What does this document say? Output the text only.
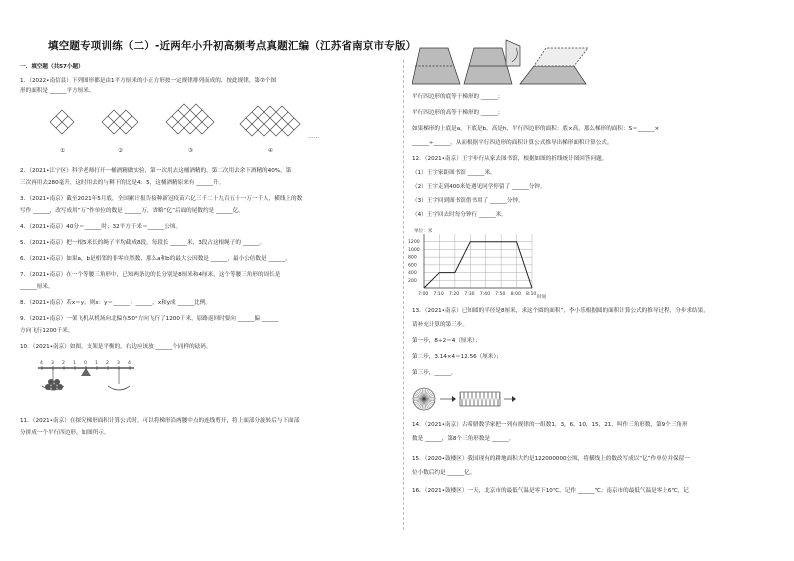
填空题专项训练（二）-近两年小升初高频考点真题汇编（江苏省南京市专版）
一．填空题（共57小题）
1．（2022•南信县）下列图形都是由1平方厘米的小正方形按一定规律排列而成的，按此规律，第⑦个图
形的面积是 ______平方厘米。
①	②	③	④
……
2．（2021•江宁区）科学老师打开一桶酒精做实验，第一次用去这桶酒精的，第二次用去余下酒精的40%，第
三次再用去280毫升，这时用去的与剩下的比是4：5，这桶酒精原来有 ______升。
3．（2021•南京）截至2021年5月底，全国累计报告接种新冠疫苗六亿三千二十九百五十一万一千人，横线上的数
写作 ______，改写成用“万”作单位的数是 ______万，省略“亿”后面的尾数约是 ______亿。
4．（2021•南京）40分＝______时；32平方千米＝______公顷。
5．（2021•南京）把一根5米长的绳子平均截成8段，每段长 ______米，3段占这根绳子的 ______。
6．（2021•南京）如果a，b是相邻的非零自然数，那么a和b的最大公因数是 ______，最小公倍数是 ______。
7．（2021•南京）在一个等腰三角形中，已知两条边的长分别是8厘米和4厘米，这个等腰三角形的周长是
______厘米。
8．（2021•南京）若x＝y，则x：y＝______：______，x和y成 ______比例。
9．（2021•南京）一架飞机从机场向北偏东50°方向飞行了1200千米，原路返回时要向 ______偏 ______
方向飞行1200千米。
10．（2021•南京）如图，支架是平衡的，右边应该放 ______个同样的砝码。
4 3 2 1 0 1 2 3 4
11．（2021•南京）在探究梯形面积计算公式时，可以将梯形沿两腰中点的连线剪开，将上面部分旋转后与下面部
分拼成一个平行四边形，如图所示。
平行四边形的底等于梯形的 ______；
平行四边形的高等于梯形的 ______；
如果梯形的上底是a，下底是b，高是h，平行四边形的面积：底×高，那么梯形的面积：S＝______×
______÷______，从而根据平行四边形的面积计算公式推导出梯形面积计算公式。
12．（2021•南京）王宇步行从家去图书馆，根据如图的折线统计图回答问题。
（1）王宇家距图书馆 ______米。
（2）王宇走到400米处遇见同学停留了 ______分钟。
（3）王宇回到图书馆借书用了 ______分钟。
（4）王宇回去时每分钟行 ______米。
单位：米
200
400
600
800
1000
1200
7:00 7:10 7:20 7:30 7:40 7:50 8:00 8:10
时间
13．（2021•南京）已知圆的半径是8厘米，求这个圆的面积”，李小乐根据圆的面积计算公式的推导过程，分步求结果，
请补充计算的第三步。
第一步，8÷2＝4（厘米）；
第二步，3.14×4＝12.56（厘米）；
第三步，______。
14．（2021•南京）古希腊数学家把一列有规律的一组数1，3，6，10，15，21，叫作三角形数，第9个三角形
数是 ______，第8个三角形数是 ______。
15．（2020•鼓楼区）我国现有的耕地面积大约是122000000公顷，将横线上的数改写成以“亿”作单位并保留一
位小数后约是 ______亿。
16．（2021•鼓楼区）一天，北京市的最低气温是零下10℃，记作 ______℃；南京市的最低气温是零上6℃，记
